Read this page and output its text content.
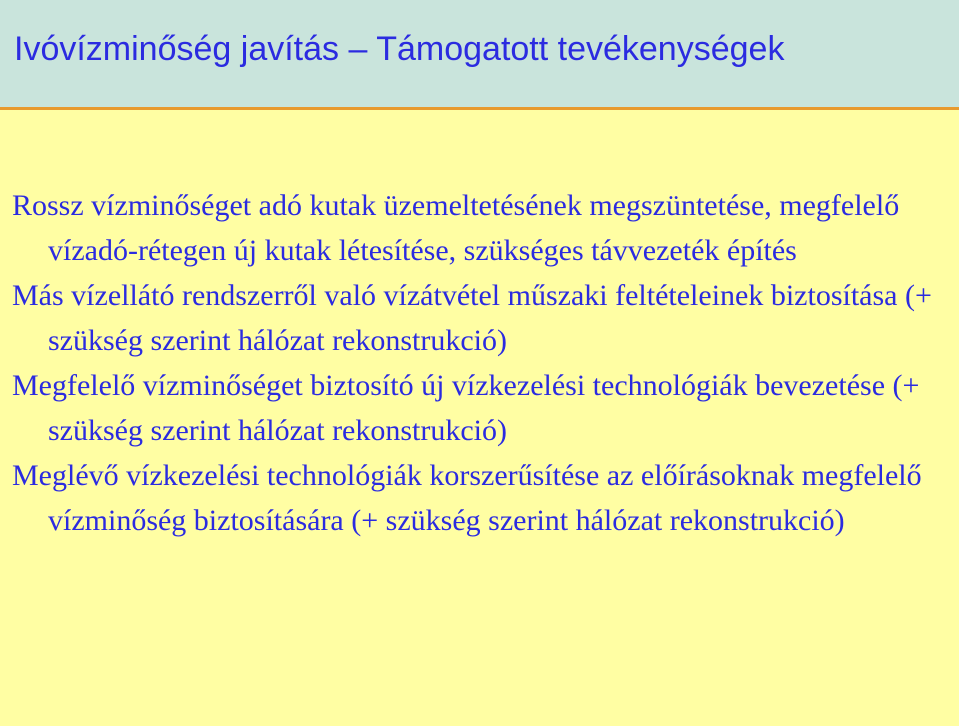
Ivóvízminőség javítás – Támogatott tevékenységek

Rossz vízminőséget adó kutak üzemeltetésének megszüntetése, megfelelő vízadó-rétegen új kutak létesítése, szükséges távvezeték építés

Más vízellátó rendszerről való vízátvétel műszaki feltételeinek biztosítása (+ szükség szerint hálózat rekonstrukció)

Megfelelő vízminőséget biztosító új vízkezelési technológiák bevezetése (+ szükség szerint hálózat rekonstrukció)

Meglévő vízkezelési technológiák korszerűsítése az előírásoknak megfelelő vízminőség biztosítására (+ szükség szerint hálózat rekonstrukció)
